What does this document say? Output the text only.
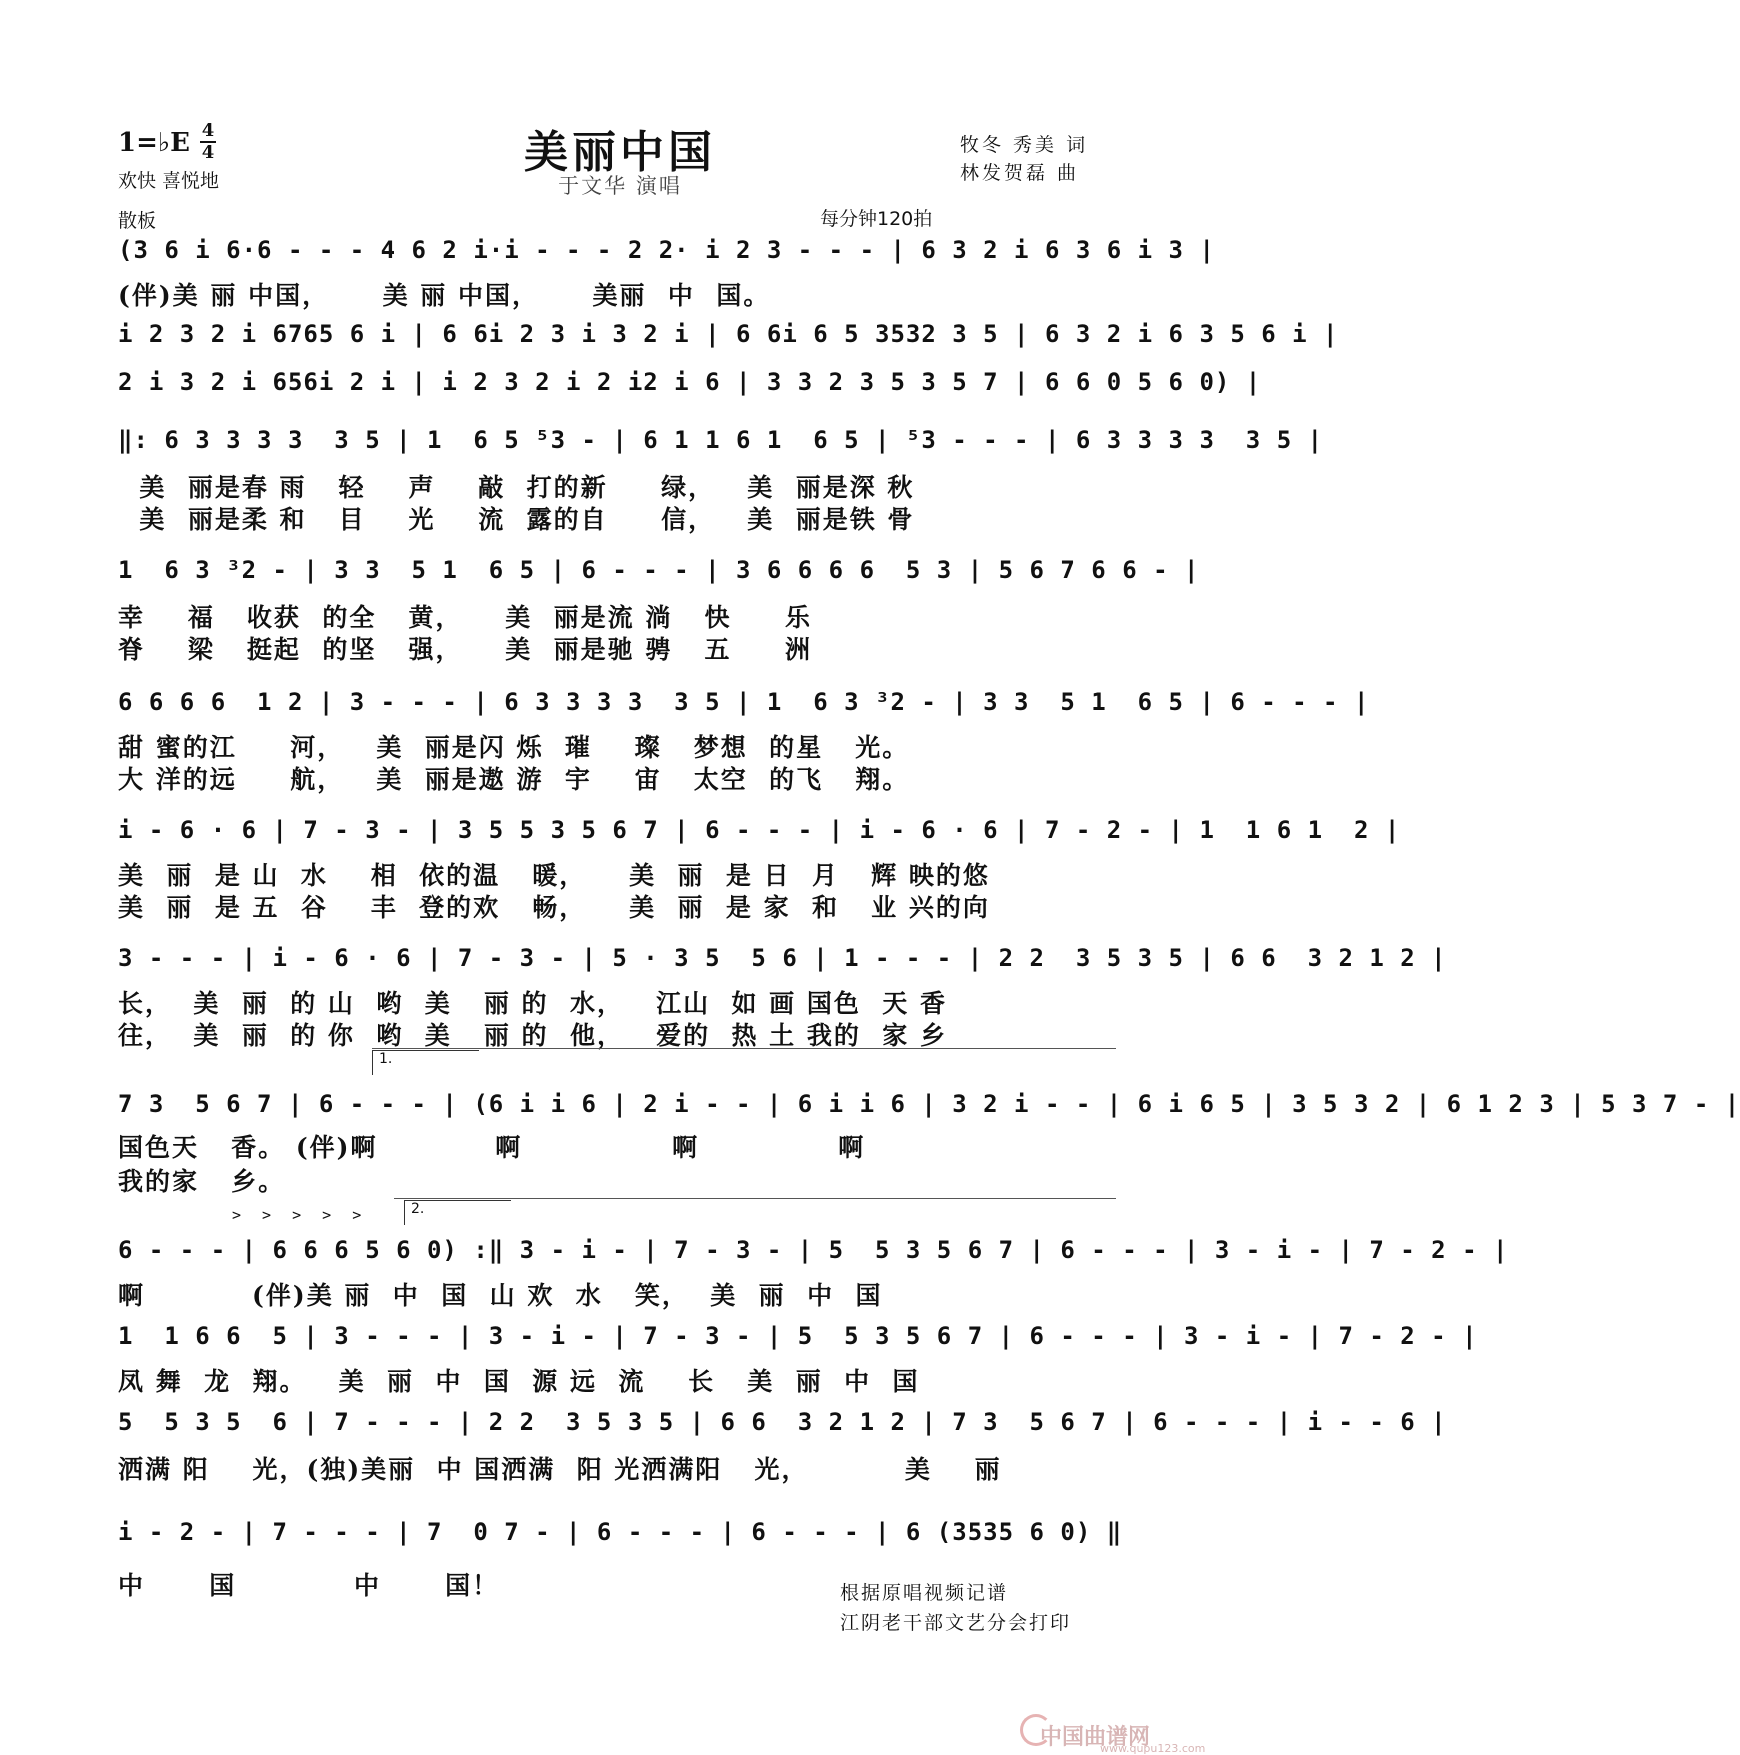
1=♭E 4
4
欢快 喜悦地
美丽中国
于文华 演唱
牧冬 秀美 词
林发贺磊 曲
散板	每分钟120拍
(3 6 i 6·6 - - - 4 6 2 i·i - - - 2 2· i 2 3 - - - | 6 3 2 i 6 3 6 i 3 |
(伴)美 丽 中国，     美 丽 中国，     美丽  中  国。
i 2 3 2 i 6765 6 i | 6 6i 2 3 i 3 2 i | 6 6i 6 5 3532 3 5 | 6 3 2 i 6 3 5 6 i |
2 i 3 2 i 656i 2 i | i 2 3 2 i 2 i2 i 6 | 3 3 2 3 5 3 5 7 | 6 6 0 5 6 0) |
‖: 6 3 3 3 3  3 5 | 1  6 5 ⁵3 - | 6 1 1 6 1  6 5 | ⁵3 - - - | 6 3 3 3 3  3 5 |
美  丽是春 雨   轻    声    敲  打的新     绿，   美  丽是深 秋
美  丽是柔 和   目    光    流  露的自     信，   美  丽是铁 骨
1  6 3 ³2 - | 3 3  5 1  6 5 | 6 - - - | 3 6 6 6 6  5 3 | 5 6 7 6 6 - |
幸    福   收获  的全   黄，    美  丽是流 淌   快     乐
脊    梁   挺起  的坚   强，    美  丽是驰 骋   五     洲
6 6 6 6  1 2 | 3 - - - | 6 3 3 3 3  3 5 | 1  6 3 ³2 - | 3 3  5 1  6 5 | 6 - - - |
甜 蜜的江     河，   美  丽是闪 烁  璀    璨   梦想  的星   光。
大 洋的远     航，   美  丽是遨 游  宇    宙   太空  的飞   翔。
i - 6 · 6 | 7 - 3 - | 3 5 5 3 5 6 7 | 6 - - - | i - 6 · 6 | 7 - 2 - | 1  1 6 1  2 |
美  丽  是 山  水    相  依的温   暖，    美  丽  是 日  月   辉 映的悠
美  丽  是 五  谷    丰  登的欢   畅，    美  丽  是 家  和   业 兴的向
3 - - - | i - 6 · 6 | 7 - 3 - | 5 · 3 5  5 6 | 1 - - - | 2 2  3 5 3 5 | 6 6  3 2 1 2 |
长，  美  丽  的 山  哟  美   丽 的  水，   江山  如 画 国色  天 香
往，  美  丽  的 你  哟  美   丽 的  他，   爱的  热 土 我的  家 乡
1.
7 3  5 6 7 | 6 - - - | (6 i i 6 | 2 i - - | 6 i i 6 | 3 2 i - - | 6 i 6 5 | 3 5 3 2 | 6 1 2 3 | 5 3 7 - |
国色天   香。 (伴)啊           啊              啊             啊
我的家   乡。
2.
> > > > >
6 - - - | 6 6 6 5 6 0) :‖ 3 - i - | 7 - 3 - | 5  5 3 5 6 7 | 6 - - - | 3 - i - | 7 - 2 - |
啊          (伴)美 丽  中  国  山 欢  水   笑，  美  丽  中  国
1  1 6 6  5 | 3 - - - | 3 - i - | 7 - 3 - | 5  5 3 5 6 7 | 6 - - - | 3 - i - | 7 - 2 - |
凤 舞  龙  翔。   美  丽  中  国  源 远  流    长   美  丽  中  国
5  5 3 5  6 | 7 - - - | 2 2  3 5 3 5 | 6 6  3 2 1 2 | 7 3  5 6 7 | 6 - - - | i - - 6 |
洒满 阳    光，(独)美丽  中 国洒满  阳 光洒满阳   光，         美    丽
i - 2 - | 7 - - - | 7  0 7 - | 6 - - - | 6 - - - | 6 (3535 6 0) ‖
中      国           中      国！	根据原唱视频记谱
江阴老干部文艺分会打印
中国曲谱网
www.qupu123.com
